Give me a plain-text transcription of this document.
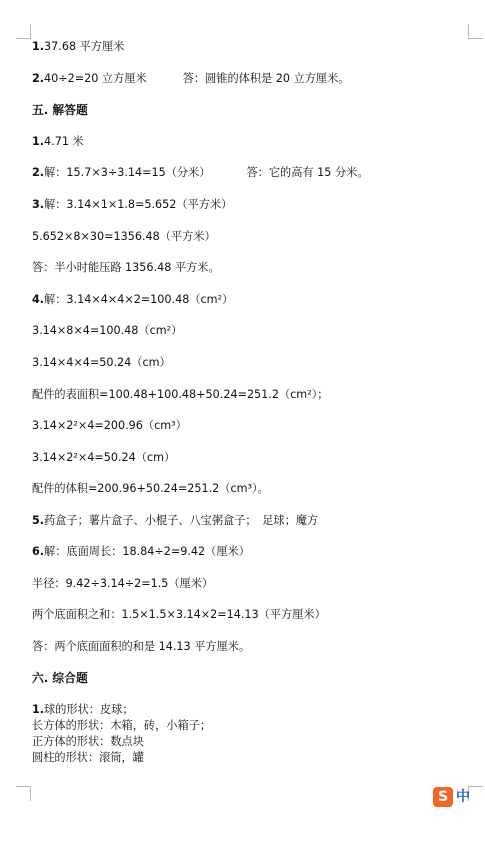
1.37.68 平方厘米
2.40÷2=20 立方厘米	答：圆锥的体积是 20 立方厘米。
五. 解答题
1.4.71 米
2.解：15.7×3÷3.14=15（分米）	答：它的高有 15 分米。
3.解：3.14×1×1.8=5.652（平方米）
5.652×8×30=1356.48（平方米）
答：半小时能压路 1356.48 平方米。
4.解：3.14×4×4×2=100.48（cm²）
3.14×8×4=100.48（cm²）
3.14×4×4=50.24（cm）
配件的表面积=100.48+100.48+50.24=251.2（cm²）；
3.14×2²×4=200.96（cm³）
3.14×2²×4=50.24（cm）
配件的体积=200.96+50.24=251.2（cm³）。
5.药盒子；薯片盒子、小棍子、八宝粥盒子；　足球；魔方
6.解：底面周长：18.84÷2=9.42（厘米）
半径：9.42÷3.14÷2=1.5（厘米）
两个底面积之和：1.5×1.5×3.14×2=14.13（平方厘米）
答：两个底面面积的和是 14.13 平方厘米。
六. 综合题
1.球的形状：皮球；
长方体的形状：木箱，砖，小箱子；
正方体的形状：数点块
圆柱的形状：滚筒，罐
S 中
